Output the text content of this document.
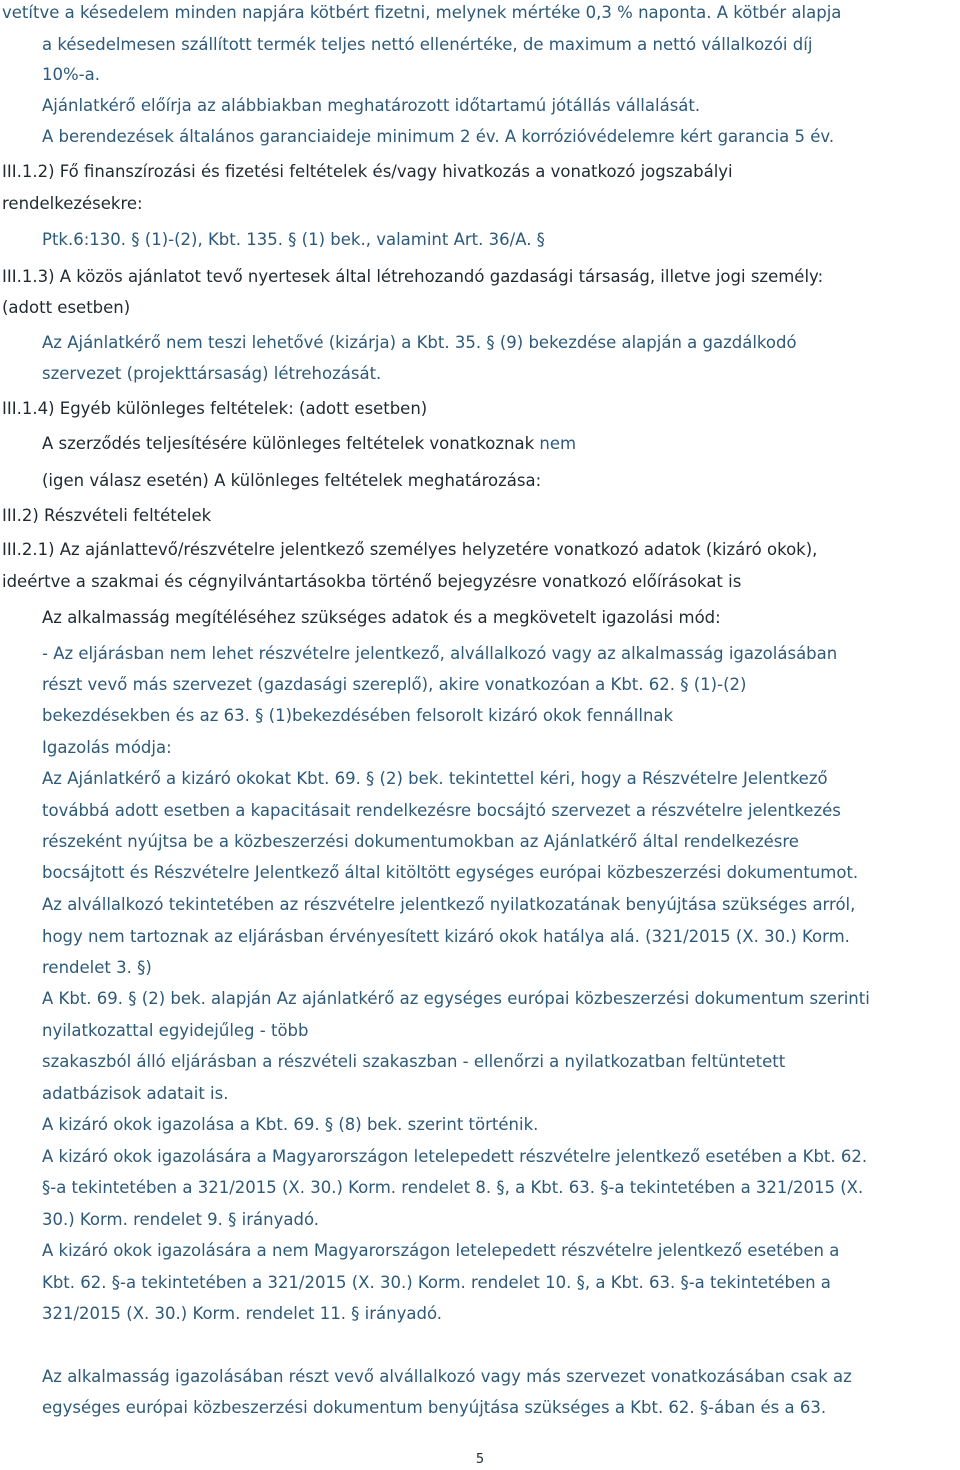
vetítve a késedelem minden napjára kötbért fizetni, melynek mértéke 0,3 % naponta. A kötbér alapja
a késedelmesen szállított termék teljes nettó ellenértéke, de maximum a nettó vállalkozói díj
10%-a.
Ajánlatkérő előírja az alábbiakban meghatározott időtartamú jótállás vállalását.
A berendezések általános garanciaideje minimum 2 év. A korrózióvédelemre kért garancia 5 év.
III.1.2) Fő finanszírozási és fizetési feltételek és/vagy hivatkozás a vonatkozó jogszabályi
rendelkezésekre:
Ptk.6:130. § (1)-(2), Kbt. 135. § (1) bek., valamint Art. 36/A. §
III.1.3) A közös ajánlatot tevő nyertesek által létrehozandó gazdasági társaság, illetve jogi személy:
(adott esetben)
Az Ajánlatkérő nem teszi lehetővé (kizárja) a Kbt. 35. § (9) bekezdése alapján a gazdálkodó
szervezet (projekttársaság) létrehozását.
III.1.4) Egyéb különleges feltételek: (adott esetben)
A szerződés teljesítésére különleges feltételek vonatkoznak nem
(igen válasz esetén) A különleges feltételek meghatározása:
III.2) Részvételi feltételek
III.2.1) Az ajánlattevő/részvételre jelentkező személyes helyzetére vonatkozó adatok (kizáró okok),
ideértve a szakmai és cégnyilvántartásokba történő bejegyzésre vonatkozó előírásokat is
Az alkalmasság megítéléséhez szükséges adatok és a megkövetelt igazolási mód:
- Az eljárásban nem lehet részvételre jelentkező, alvállalkozó vagy az alkalmasság igazolásában
részt vevő más szervezet (gazdasági szereplő), akire vonatkozóan a Kbt. 62. § (1)-(2)
bekezdésekben és az 63. § (1)bekezdésében felsorolt kizáró okok fennállnak
Igazolás módja:
Az Ajánlatkérő a kizáró okokat Kbt. 69. § (2) bek. tekintettel kéri, hogy a Részvételre Jelentkező
továbbá adott esetben a kapacitásait rendelkezésre bocsájtó szervezet a részvételre jelentkezés
részeként nyújtsa be a közbeszerzési dokumentumokban az Ajánlatkérő által rendelkezésre
bocsájtott és Részvételre Jelentkező által kitöltött egységes európai közbeszerzési dokumentumot.
Az alvállalkozó tekintetében az részvételre jelentkező nyilatkozatának benyújtása szükséges arról,
hogy nem tartoznak az eljárásban érvényesített kizáró okok hatálya alá. (321/2015 (X. 30.) Korm.
rendelet 3. §)
A Kbt. 69. § (2) bek. alapján Az ajánlatkérő az egységes európai közbeszerzési dokumentum szerinti
nyilatkozattal egyidejűleg - több
szakaszból álló eljárásban a részvételi szakaszban - ellenőrzi a nyilatkozatban feltüntetett
adatbázisok adatait is.
A kizáró okok igazolása a Kbt. 69. § (8) bek. szerint történik.
A kizáró okok igazolására a Magyarországon letelepedett részvételre jelentkező esetében a Kbt. 62.
§-a tekintetében a 321/2015 (X. 30.) Korm. rendelet 8. §, a Kbt. 63. §-a tekintetében a 321/2015 (X.
30.) Korm. rendelet 9. § irányadó.
A kizáró okok igazolására a nem Magyarországon letelepedett részvételre jelentkező esetében a
Kbt. 62. §-a tekintetében a 321/2015 (X. 30.) Korm. rendelet 10. §, a Kbt. 63. §-a tekintetében a
321/2015 (X. 30.) Korm. rendelet 11. § irányadó.
Az alkalmasság igazolásában részt vevő alvállalkozó vagy más szervezet vonatkozásában csak az
egységes európai közbeszerzési dokumentum benyújtása szükséges a Kbt. 62. §-ában és a 63.
5
